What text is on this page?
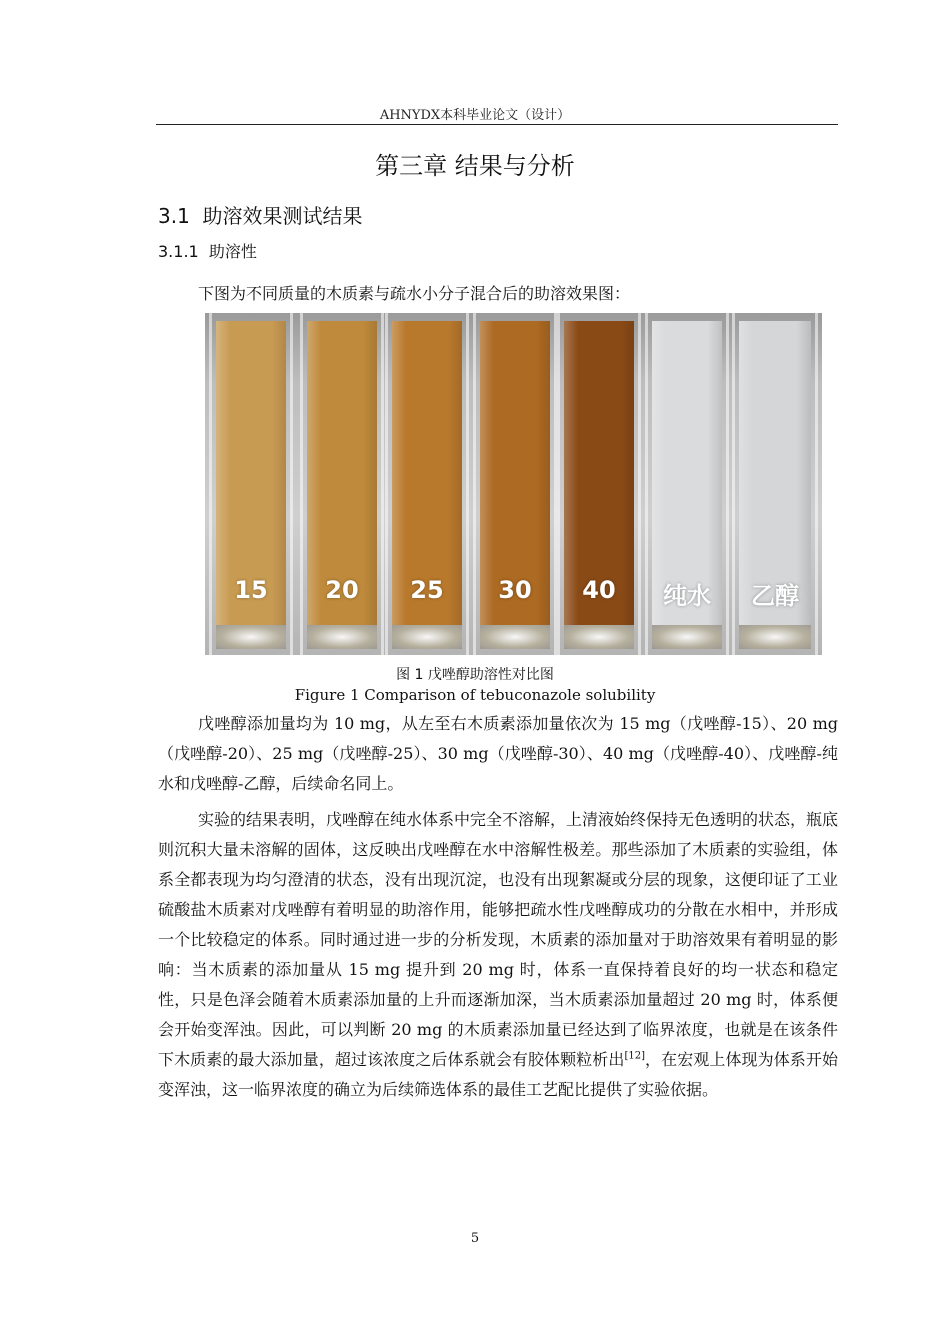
AHNYDX本科毕业论文（设计）
第三章 结果与分析
3.1 助溶效果测试结果
3.1.1 助溶性
下图为不同质量的木质素与疏水小分子混合后的助溶效果图：
15	20	25	30	40	纯水	乙醇
图 1 戊唑醇助溶性对比图
Figure 1 Comparison of tebuconazole solubility

戊唑醇添加量均为 10 mg，从左至右木质素添加量依次为 15 mg（戊唑醇-15）、20 mg（戊唑醇-20）、25 mg（戊唑醇-25）、30 mg（戊唑醇-30）、40 mg（戊唑醇-40）、戊唑醇-纯水和戊唑醇-乙醇，后续命名同上。

实验的结果表明，戊唑醇在纯水体系中完全不溶解，上清液始终保持无色透明的状态，瓶底则沉积大量未溶解的固体，这反映出戊唑醇在水中溶解性极差。那些添加了木质素的实验组，体系全都表现为均匀澄清的状态，没有出现沉淀，也没有出现絮凝或分层的现象，这便印证了工业硫酸盐木质素对戊唑醇有着明显的助溶作用，能够把疏水性戊唑醇成功的分散在水相中，并形成一个比较稳定的体系。同时通过进一步的分析发现，木质素的添加量对于助溶效果有着明显的影响：当木质素的添加量从 15 mg 提升到 20 mg 时，体系一直保持着良好的均一状态和稳定性，只是色泽会随着木质素添加量的上升而逐渐加深，当木质素添加量超过 20 mg 时，体系便会开始变浑浊。因此，可以判断 20 mg 的木质素添加量已经达到了临界浓度，也就是在该条件下木质素的最大添加量，超过该浓度之后体系就会有胶体颗粒析出[12]，在宏观上体现为体系开始变浑浊，这一临界浓度的确立为后续筛选体系的最佳工艺配比提供了实验依据。

5
